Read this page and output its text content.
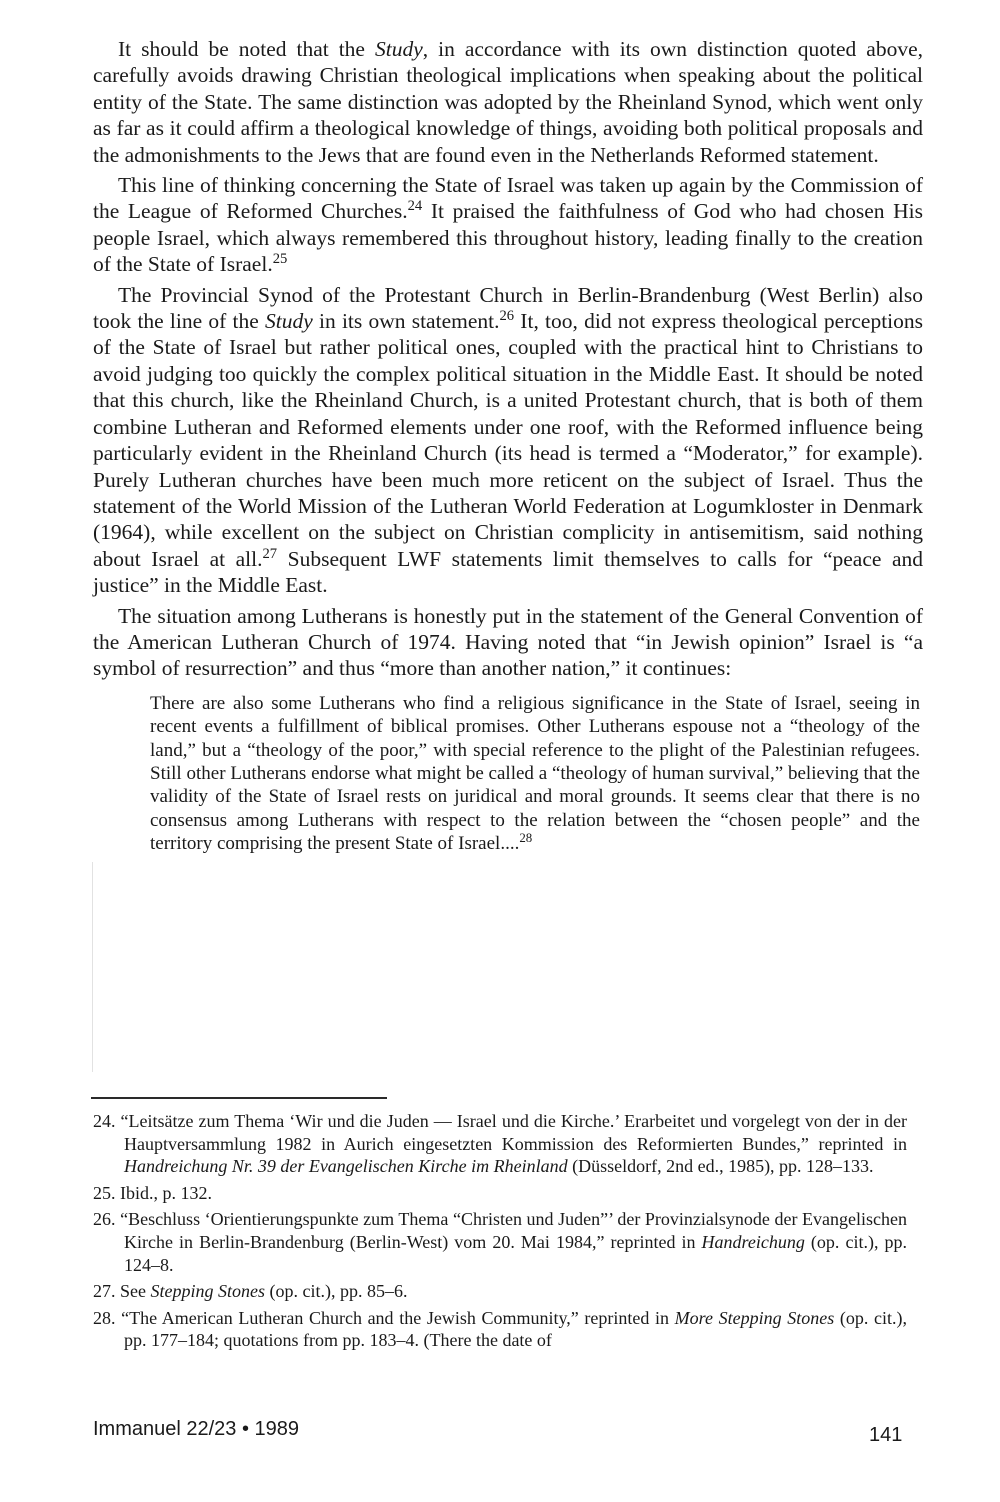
It should be noted that the Study, in accordance with its own distinction quoted above, carefully avoids drawing Christian theological implications when speaking about the political entity of the State. The same distinction was adopted by the Rheinland Synod, which went only as far as it could affirm a theological knowledge of things, avoiding both political proposals and the admonishments to the Jews that are found even in the Netherlands Reformed statement.

This line of thinking concerning the State of Israel was taken up again by the Commission of the League of Reformed Churches.$^{24}$ It praised the faithfulness of God who had chosen His people Israel, which always remembered this throughout history, leading finally to the creation of the State of Israel.$^{25}$

The Provincial Synod of the Protestant Church in Berlin-Brandenburg (West Berlin) also took the line of the Study in its own statement.$^{26}$ It, too, did not express theological perceptions of the State of Israel but rather political ones, coupled with the practical hint to Christians to avoid judging too quickly the complex political situation in the Middle East. It should be noted that this church, like the Rheinland Church, is a united Protestant church, that is both of them combine Lutheran and Reformed elements under one roof, with the Reformed influence being particularly evident in the Rheinland Church (its head is termed a “Moderator,” for example). Purely Lutheran churches have been much more reticent on the subject of Israel. Thus the statement of the World Mission of the Lutheran World Federation at Logumkloster in Denmark (1964), while excellent on the subject on Christian complicity in antisemitism, said nothing about Israel at all.$^{27}$ Subsequent LWF statements limit themselves to calls for “peace and justice” in the Middle East.

The situation among Lutherans is honestly put in the statement of the General Convention of the American Lutheran Church of 1974. Having noted that “in Jewish opinion” Israel is “a symbol of resurrection” and thus “more than another nation,” it continues:

There are also some Lutherans who find a religious significance in the State of Israel, seeing in recent events a fulfillment of biblical promises. Other Lutherans espouse not a “theology of the land,” but a “theology of the poor,” with special reference to the plight of the Palestinian refugees. Still other Lutherans endorse what might be called a “theology of human survival,” believing that the validity of the State of Israel rests on juridical and moral grounds. It seems clear that there is no consensus among Lutherans with respect to the relation between the “chosen people” and the territory comprising the present State of Israel....$^{28}$

24. “Leitsätze zum Thema ‘Wir und die Juden — Israel und die Kirche.’ Erarbeitet und vorgelegt von der in der Hauptversammlung 1982 in Aurich eingesetzten Kommission des Reformierten Bundes,” reprinted in Handreichung Nr. 39 der Evangelischen Kirche im Rheinland (Düsseldorf, 2nd ed., 1985), pp. 128–133.

25. Ibid., p. 132.

26. “Beschluss ‘Orientierungspunkte zum Thema “Christen und Juden”’ der Provinzialsynode der Evangelischen Kirche in Berlin-Brandenburg (Berlin-West) vom 20. Mai 1984,” reprinted in Handreichung (op. cit.), pp. 124–8.

27. See Stepping Stones (op. cit.), pp. 85–6.

28. “The American Lutheran Church and the Jewish Community,” reprinted in More Stepping Stones (op. cit.), pp. 177–184; quotations from pp. 183–4. (There the date of

Immanuel 22/23 • 1989	141
